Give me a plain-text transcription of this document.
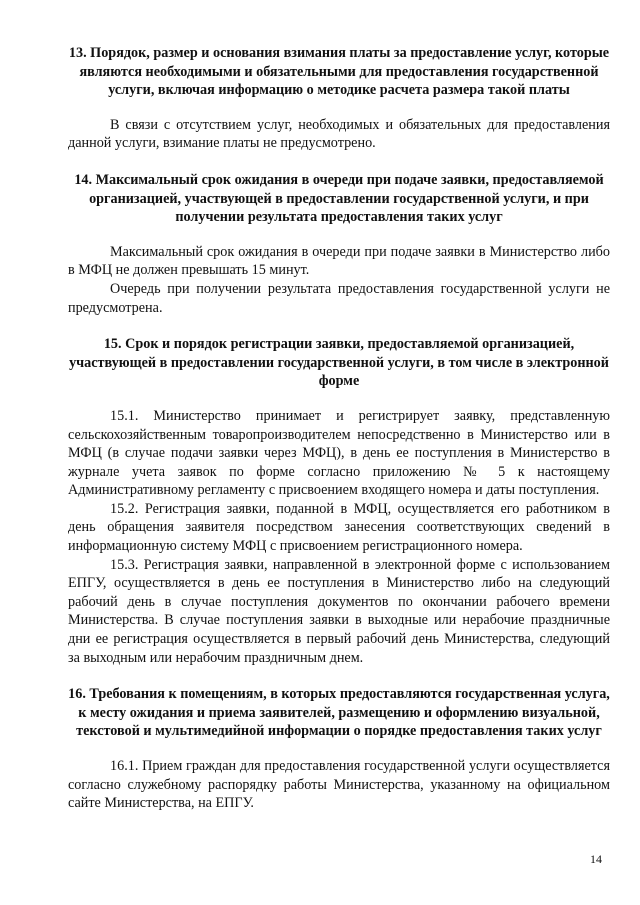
13. Порядок, размер и основания взимания платы за предоставление услуг, которые являются необходимыми и обязательными для предоставления государственной услуги, включая информацию о методике расчета размера такой платы

В связи с отсутствием услуг, необходимых и обязательных для предоставления данной услуги, взимание платы не предусмотрено.

14. Максимальный срок ожидания в очереди при подаче заявки, предоставляемой организацией, участвующей в предоставлении государственной услуги, и при получении результата предоставления таких услуг

Максимальный срок ожидания в очереди при подаче заявки в Министерство либо в МФЦ не должен превышать 15 минут.

Очередь при получении результата предоставления государственной услуги не предусмотрена.

15. Срок и порядок регистрации заявки, предоставляемой организацией, участвующей в предоставлении государственной услуги, в том числе в электронной форме

15.1. Министерство принимает и регистрирует заявку, представленную сельскохозяйственным товаропроизводителем непосредственно в Министерство или в МФЦ (в случае подачи заявки через МФЦ), в день ее поступления в Министерство в журнале учета заявок по форме согласно приложению № 5 к настоящему Административному регламенту с присвоением входящего номера и даты поступления.

15.2. Регистрация заявки, поданной в МФЦ, осуществляется его работником в день обращения заявителя посредством занесения соответствующих сведений в информационную систему МФЦ с присвоением регистрационного номера.

15.3. Регистрация заявки, направленной в электронной форме с использованием ЕПГУ, осуществляется в день ее поступления в Министерство либо на следующий рабочий день в случае поступления документов по окончании рабочего времени Министерства. В случае поступления заявки в выходные или нерабочие праздничные дни ее регистрация осуществляется в первый рабочий день Министерства, следующий за выходным или нерабочим праздничным днем.

16. Требования к помещениям, в которых предоставляются государственная услуга, к месту ожидания и приема заявителей, размещению и оформлению визуальной, текстовой и мультимедийной информации о порядке предоставления таких услуг

16.1. Прием граждан для предоставления государственной услуги осуществляется согласно служебному распорядку работы Министерства, указанному на официальном сайте Министерства, на ЕПГУ.

14
